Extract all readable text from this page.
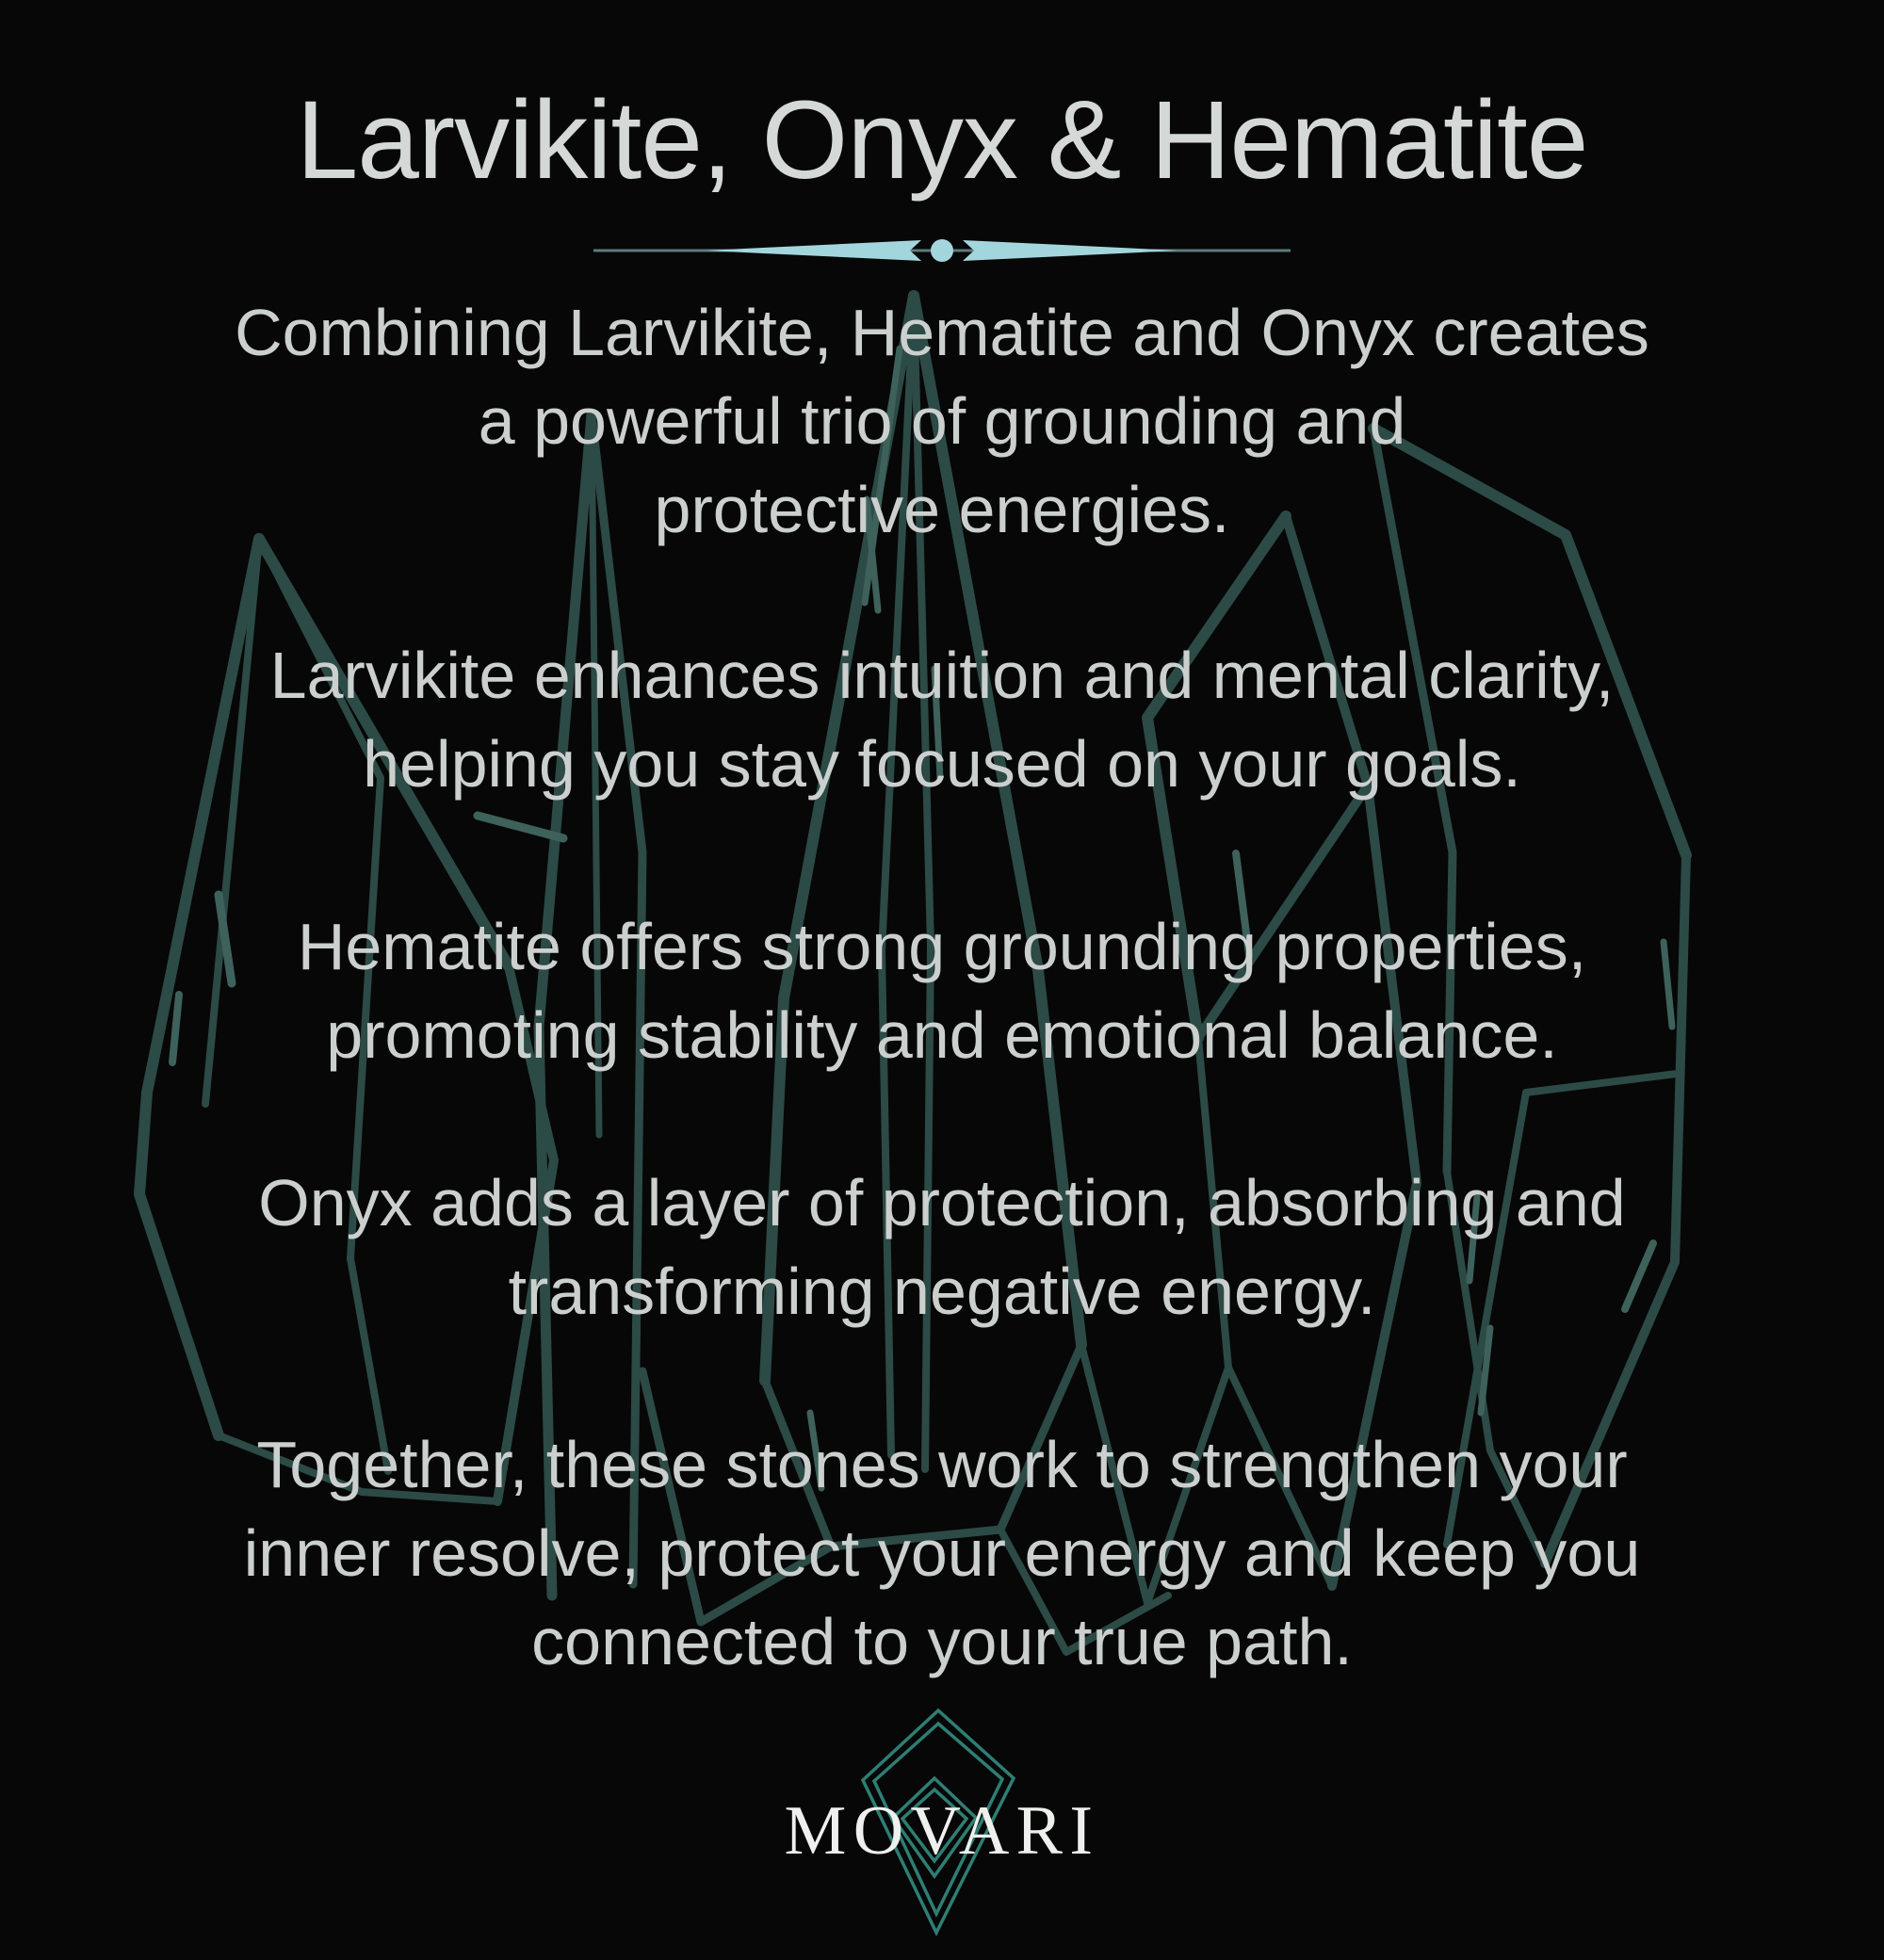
Larvikite, Onyx & Hematite
Combining Larvikite, Hematite and Onyx creates
a powerful trio of grounding and
protective energies.
Larvikite enhances intuition and mental clarity,
helping you stay focused on your goals.
Hematite offers strong grounding properties,
promoting stability and emotional balance.
Onyx adds a layer of protection, absorbing and
transforming negative energy.
Together, these stones work to strengthen your
inner resolve, protect your energy and keep you
connected to your true path.
MOVARI
